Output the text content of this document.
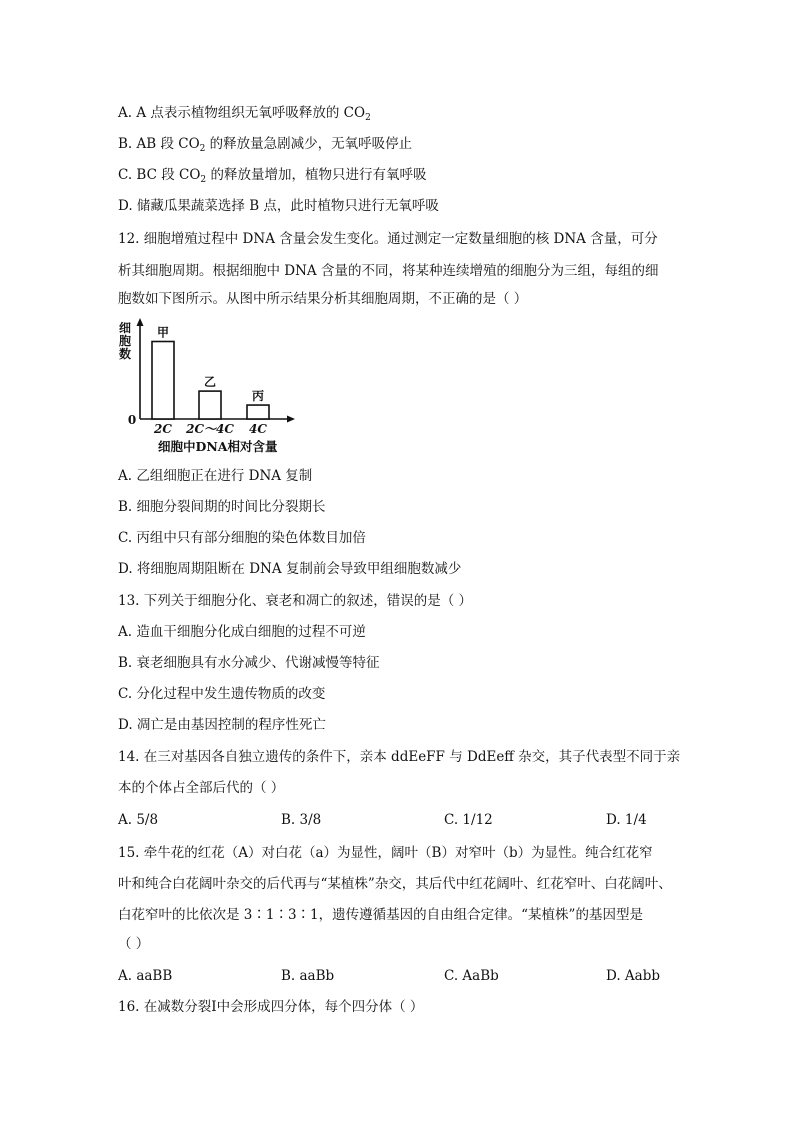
A. A 点表示植物组织无氧呼吸释放的 $CO_2$
B. AB 段 $CO_2$ 的释放量急剧减少，无氧呼吸停止
C. BC 段 $CO_2$ 的释放量增加，植物只进行有氧呼吸
D. 储藏瓜果蔬菜选择 B 点，此时植物只进行无氧呼吸
12. 细胞增殖过程中 DNA 含量会发生变化。通过测定一定数量细胞的核 DNA 含量，可分
析其细胞周期。根据细胞中 DNA 含量的不同，将某种连续增殖的细胞分为三组，每组的细
胞数如下图所示。从图中所示结果分析其细胞周期，不正确的是（ ）
细胞数
0
甲
2C
乙
2C～4C
丙
4C
细胞中DNA相对含量
A. 乙组细胞正在进行 DNA 复制
B. 细胞分裂间期的时间比分裂期长
C. 丙组中只有部分细胞的染色体数目加倍
D. 将细胞周期阻断在 DNA 复制前会导致甲组细胞数减少
13. 下列关于细胞分化、衰老和凋亡的叙述，错误的是（ ）
A. 造血干细胞分化成白细胞的过程不可逆
B. 衰老细胞具有水分减少、代谢减慢等特征
C. 分化过程中发生遗传物质的改变
D. 凋亡是由基因控制的程序性死亡
14. 在三对基因各自独立遗传的条件下，亲本 ddEeFF 与 DdEeff 杂交，其子代表型不同于亲
本的个体占全部后代的（ ）
A. 5/8	B. 3/8	C. 1/12	D. 1/4
15. 牵牛花的红花（A）对白花（a）为显性，阔叶（B）对窄叶（b）为显性。纯合红花窄
叶和纯合白花阔叶杂交的后代再与“某植株”杂交，其后代中红花阔叶、红花窄叶、白花阔叶、
白花窄叶的比依次是 3∶1∶3∶1，遗传遵循基因的自由组合定律。“某植株”的基因型是
（ ）
A. aaBB	B. aaBb	C. AaBb	D. Aabb
16. 在减数分裂Ⅰ中会形成四分体，每个四分体（ ）
